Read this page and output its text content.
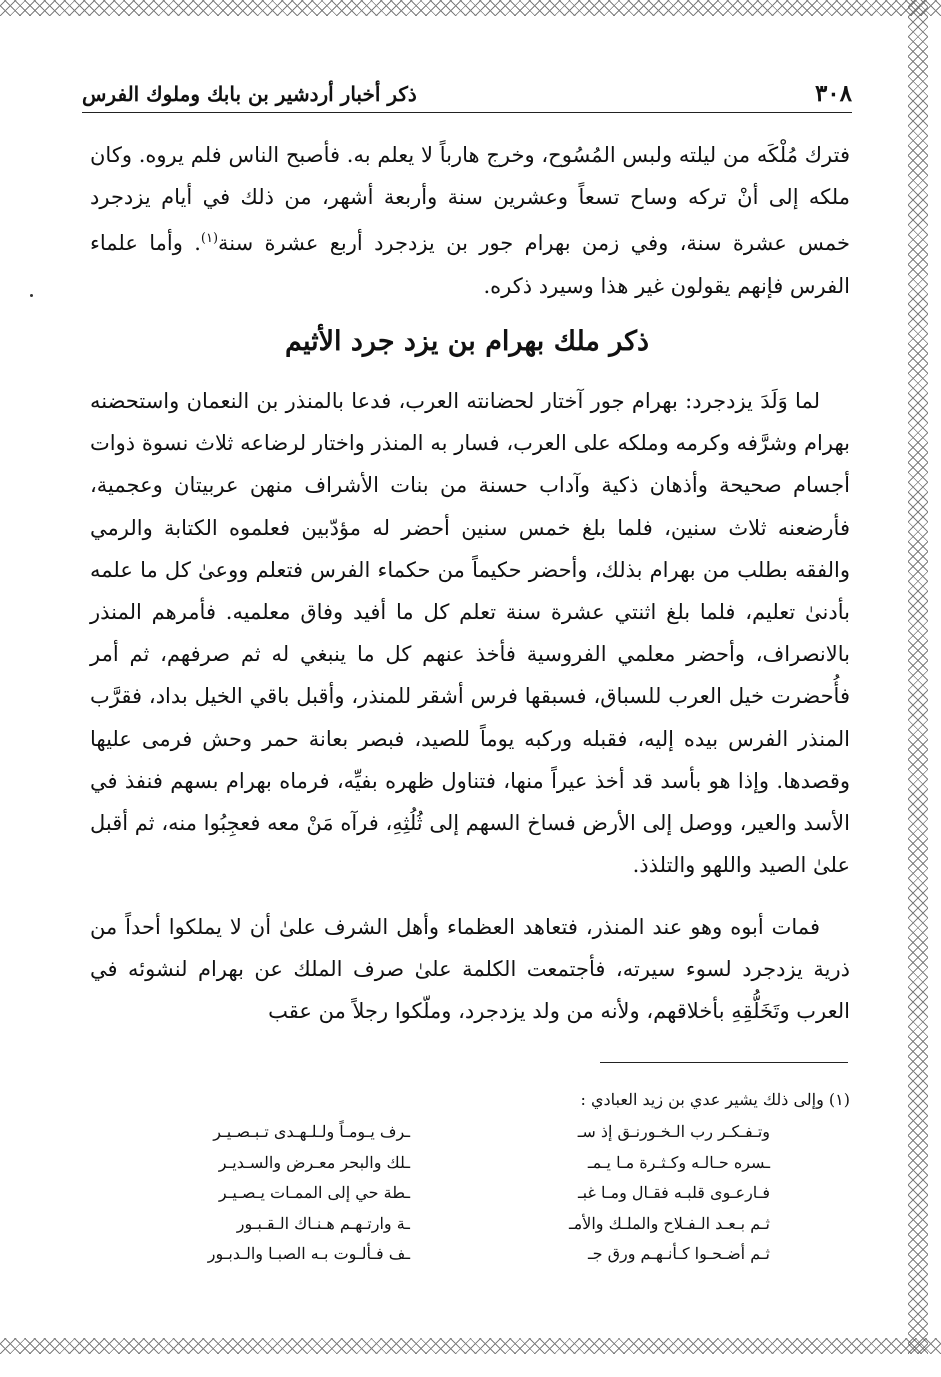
٣٠٨
ذكر أخبار أردشير بن بابك وملوك الفرس

فترك مُلْكَه من ليلته ولبس المُسُوح، وخرج هارباً لا يعلم به. فأصبح الناس فلم يروه. وكان ملكه إلى أنْ تركه وساح تسعاً وعشرين سنة وأربعة أشهر، من ذلك في أيام يزدجرد خمس عشرة سنة، وفي زمن بهرام جور بن يزدجرد أربع عشرة سنة$^{(١)}$. وأما علماء الفرس فإنهم يقولون غير هذا وسيرد ذكره.

ذكر ملك بهرام بن يزد جرد الأثيم

لما وَلَدَ يزدجرد: بهرام جور آختار لحضانته العرب، فدعا بالمنذر بن النعمان واستحضنه بهرام وشرَّفه وكرمه وملكه على العرب، فسار به المنذر واختار لرضاعه ثلاث نسوة ذوات أجسام صحيحة وأذهان ذكية وآداب حسنة من بنات الأشراف منهن عربيتان وعجمية، فأرضعنه ثلاث سنين، فلما بلغ خمس سنين أحضر له مؤدّبين فعلموه الكتابة والرمي والفقه بطلب من بهرام بذلك، وأحضر حكيماً من حكماء الفرس فتعلم ووعىٰ كل ما علمه بأدنىٰ تعليم، فلما بلغ اثنتي عشرة سنة تعلم كل ما أفيد وفاق معلميه. فأمرهم المنذر بالانصراف، وأحضر معلمي الفروسية فأخذ عنهم كل ما ينبغي له ثم صرفهم، ثم أمر فأُحضرت خيل العرب للسباق، فسبقها فرس أشقر للمنذر، وأقبل باقي الخيل بداد، فقرَّب المنذر الفرس بيده إليه، فقبله وركبه يوماً للصيد، فبصر بعانة حمر وحش فرمى عليها وقصدها. وإذا هو بأسد قد أخذ عيراً منها، فتناول ظهره بفيِّه، فرماه بهرام بسهم فنفذ في الأسد والعير، ووصل إلى الأرض فساخ السهم إلى ثُلُثِهِ، فرآه مَنْ معه فعجِبُوا منه، ثم أقبل علىٰ الصيد واللهو والتلذذ.

فمات أبوه وهو عند المنذر، فتعاهد العظماء وأهل الشرف علىٰ أن لا يملكوا أحداً من ذرية يزدجرد لسوء سيرته، فأجتمعت الكلمة علىٰ صرف الملك عن بهرام لنشوئه في العرب وتَخَلُّقِهِ بأخلاقهم، ولأنه من ولد يزدجرد، وملّكوا رجلاً من عقب

(١) وإلى ذلك يشير عدي بن زيد العبادي :
وتـفـكـر رب الـخـورنـق إذ سـ
ـرف يـومـاً ولـلـهـدى تـبـصـيـر
ـسره حـالـه وكـثـرة مـا يـمـ
ـلك والبحر معـرض والسـديـر
فـارعـوى قلبـه فقـال ومـا غبـ
ـطة حي إلى الممـات يـصـيـر
ثـم بـعـد الـفـلاح والملـك والأمـ
ـة وارتـهـم هـنـاك الـقـبـور
ثـم أضـحـوا كـأنـهـم ورق جـ
ـف فـألـوت بـه الصبـا والـدبـور
